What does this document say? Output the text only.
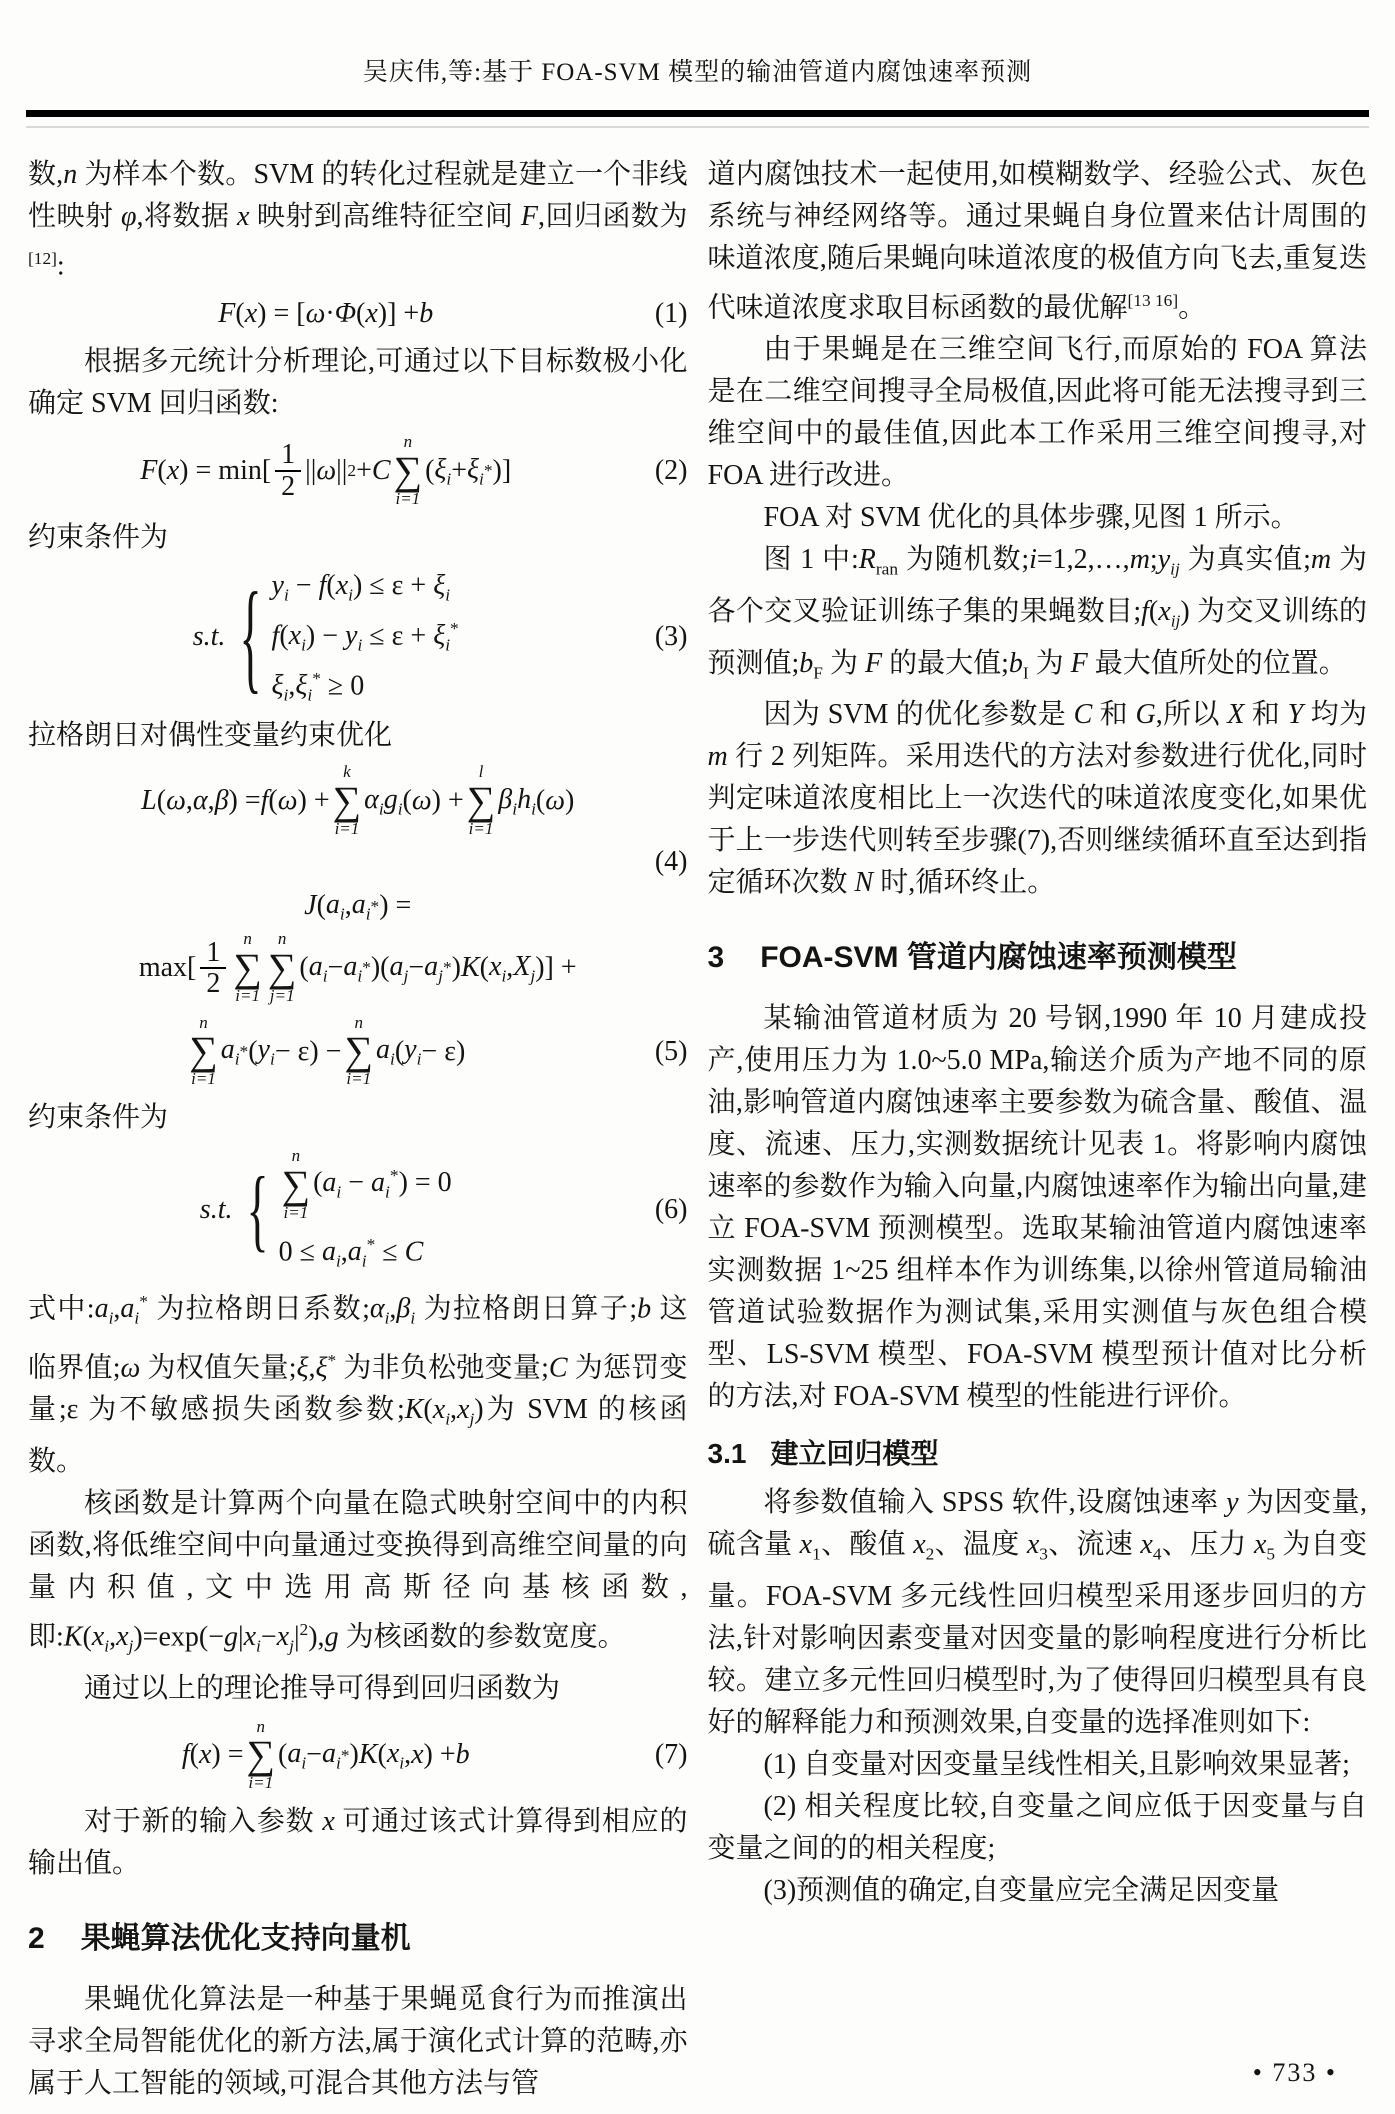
吴庆伟,等:基于 FOA-SVM 模型的输油管道内腐蚀速率预测

数,n 为样本个数。SVM 的转化过程就是建立一个非线性映射 φ,将数据 x 映射到高维特征空间 F,回归函数为[12]:

F ( x ) = [ ω · Φ ( x )] + b	(1)

根据多元统计分析理论,可通过以下目标数极小化确定 SVM 回归函数:

F ( x ) = $\min[ \frac{1}{2}$ || ω || 2 + C
n
∑
i=1
( $\xi_i + \xi_i$ * )]	(2)

约束条件为

s.t. { $y_i - f(x_i) \le \varepsilon + \xi_i$
$f(x_i) - y_i \le \varepsilon + \xi_i^*$
$\xi_i,\xi_i^* \ge 0$
(3)

拉格朗日对偶性变量约束优化

L ( ω , α , β ) = f ( ω ) +
k
∑
i=1
$\alpha_i$ $g_i$ ( ω ) +
l
∑
i=1
$\beta_i$ $h_i$ ( ω )
(4)
J ( $a_i$ , $a_i$ * ) =
$\max[ \frac{1}{2}$ n
∑
i=1
n
∑
j=1
( $a_i - a_i$ * )( $a_j - a_j$ * ) K ( $x_i$ , $X_j$ )] +
n
∑
i=1
$a_i$ * ( $y_i - \varepsilon$) −
n
∑
i=1
$a_i$ ( $y_i - \varepsilon$)	(5)

约束条件为

s.t. {
n
∑
i=1
$(a_i - a_i^*) = 0$
$0 \le a_i,a_i^* \le C$
(6)

式中$:a_i,a_i^*$ 为拉格朗日系数$;\alpha_i,\beta_i$ 为拉格朗日算子;b 这临界值;ω 为权值矢量;ξ,ξ* 为非负松弛变量;C 为惩罚变量;ε 为不敏感损失函数参数$;K(x_i,x_j)$为 SVM 的核函数。

核函数是计算两个向量在隐式映射空间中的内积函数,将低维空间中向量通过变换得到高维空间量的向量内积值,文中选用高斯径向基核函数,即$:K(x_i,x_j)=\exp(-g|x_i-x_j|^2),g$ 为核函数的参数宽度。

通过以上的理论推导可得到回归函数为

f ( x ) =
n
∑
i=1
( $a_i - a_i$ * ) K ( $x_i$ , x ) + b	(7)

对于新的输入参数 x 可通过该式计算得到相应的输出值。

2 果蝇算法优化支持向量机

果蝇优化算法是一种基于果蝇觅食行为而推演出寻求全局智能优化的新方法,属于演化式计算的范畴,亦属于人工智能的领域,可混合其他方法与管

道内腐蚀技术一起使用,如模糊数学、经验公式、灰色系统与神经网络等。通过果蝇自身位置来估计周围的味道浓度,随后果蝇向味道浓度的极值方向飞去,重复迭代味道浓度求取目标函数的最优解[13 16]。

由于果蝇是在三维空间飞行,而原始的 FOA 算法是在二维空间搜寻全局极值,因此将可能无法搜寻到三维空间中的最佳值,因此本工作采用三维空间搜寻,对 FOA 进行改进。

FOA 对 SVM 优化的具体步骤,见图 1 所示。

图 1 中$:R_{ran}$ 为随机数$;i=1,2,\dots,m;y_{ij}$ 为真实值;m 为各个交叉验证训练子集的果蝇数目$;f(x_{ij})$ 为交叉训练的预测值$;b_F$ 为 F 的最大值$;b_I$ 为 F 最大值所处的位置。

因为 SVM 的优化参数是 C 和 G,所以 X 和 Y 均为 m 行 2 列矩阵。采用迭代的方法对参数进行优化,同时判定味道浓度相比上一次迭代的味道浓度变化,如果优于上一步迭代则转至步骤(7),否则继续循环直至达到指定循环次数 N 时,循环终止。

3 FOA-SVM 管道内腐蚀速率预测模型

某输油管道材质为 20 号钢,1990 年 10 月建成投产,使用压力为 1.0~5.0 MPa,输送介质为产地不同的原油,影响管道内腐蚀速率主要参数为硫含量、酸值、温度、流速、压力,实测数据统计见表 1。将影响内腐蚀速率的参数作为输入向量,内腐蚀速率作为输出向量,建立 FOA-SVM 预测模型。选取某输油管道内腐蚀速率实测数据 1~25 组样本作为训练集,以徐州管道局输油管道试验数据作为测试集,采用实测值与灰色组合模型、LS-SVM 模型、FOA-SVM 模型预计值对比分析的方法,对 FOA-SVM 模型的性能进行评价。

3.1 建立回归模型

将参数值输入 SPSS 软件,设腐蚀速率 y 为因变量,硫含量 $x_1$、酸值 $x_2$、温度 $x_3$、流速 $x_4$、压力 $x_5$ 为自变量。FOA-SVM 多元线性回归模型采用逐步回归的方法,针对影响因素变量对因变量的影响程度进行分析比较。建立多元性回归模型时,为了使得回归模型具有良好的解释能力和预测效果,自变量的选择准则如下:

(1) 自变量对因变量呈线性相关,且影响效果显著;

(2) 相关程度比较,自变量之间应低于因变量与自变量之间的的相关程度;

(3)预测值的确定,自变量应完全满足因变量

• 733 •
